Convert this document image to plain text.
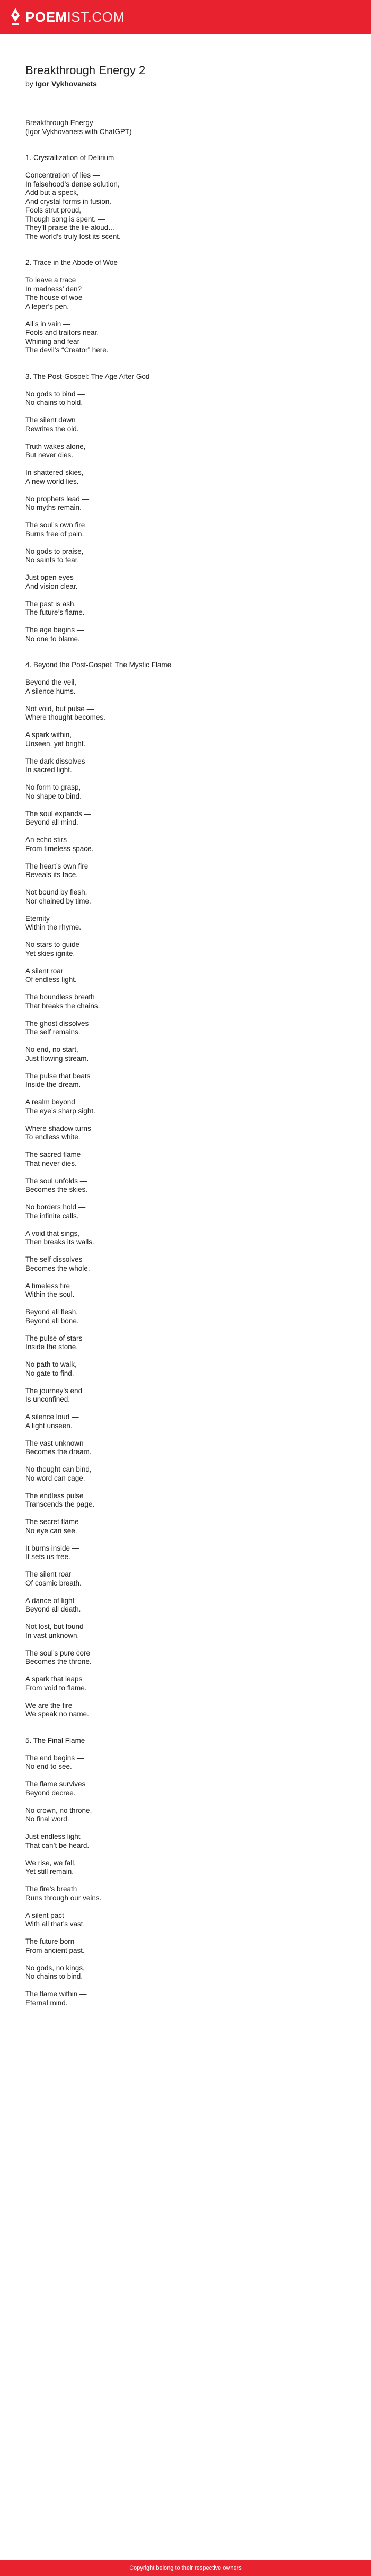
POEMIST.COM
Breakthrough Energy 2
by Igor Vykhovanets
Breakthrough Energy
(Igor Vykhovanets with ChatGPT)
1. Crystallization of Delirium
Concentration of lies —
In falsehood’s dense solution,
Add but a speck,
And crystal forms in fusion.
Fools strut proud,
Though song is spent. —
They’ll praise the lie aloud…
The world’s truly lost its scent.
2. Trace in the Abode of Woe
To leave a trace
In madness’ den?
The house of woe —
A leper’s pen.
All’s in vain —
Fools and traitors near.
Whining and fear —
The devil’s “Creator” here.
3. The Post-Gospel: The Age After God
No gods to bind —
No chains to hold.
The silent dawn
Rewrites the old.
Truth wakes alone,
But never dies.
In shattered skies,
A new world lies.
No prophets lead —
No myths remain.
The soul’s own fire
Burns free of pain.
No gods to praise,
No saints to fear.
Just open eyes —
And vision clear.
The past is ash,
The future’s flame.
The age begins —
No one to blame.
4. Beyond the Post-Gospel: The Mystic Flame
Beyond the veil,
A silence hums.
Not void, but pulse —
Where thought becomes.
A spark within,
Unseen, yet bright.
The dark dissolves
In sacred light.
No form to grasp,
No shape to bind.
The soul expands —
Beyond all mind.
An echo stirs
From timeless space.
The heart’s own fire
Reveals its face.
Not bound by flesh,
Nor chained by time.
Eternity —
Within the rhyme.
No stars to guide —
Yet skies ignite.
A silent roar
Of endless light.
The boundless breath
That breaks the chains.
The ghost dissolves —
The self remains.
No end, no start,
Just flowing stream.
The pulse that beats
Inside the dream.
A realm beyond
The eye’s sharp sight.
Where shadow turns
To endless white.
The sacred flame
That never dies.
The soul unfolds —
Becomes the skies.
No borders hold —
The infinite calls.
A void that sings,
Then breaks its walls.
The self dissolves —
Becomes the whole.
A timeless fire
Within the soul.
Beyond all flesh,
Beyond all bone.
The pulse of stars
Inside the stone.
No path to walk,
No gate to find.
The journey’s end
Is unconfined.
A silence loud —
A light unseen.
The vast unknown —
Becomes the dream.
No thought can bind,
No word can cage.
The endless pulse
Transcends the page.
The secret flame
No eye can see.
It burns inside —
It sets us free.
The silent roar
Of cosmic breath.
A dance of light
Beyond all death.
Not lost, but found —
In vast unknown.
The soul’s pure core
Becomes the throne.
A spark that leaps
From void to flame.
We are the fire —
We speak no name.
5. The Final Flame
The end begins —
No end to see.
The flame survives
Beyond decree.
No crown, no throne,
No final word.
Just endless light —
That can’t be heard.
We rise, we fall,
Yet still remain.
The fire’s breath
Runs through our veins.
A silent pact —
With all that’s vast.
The future born
From ancient past.
No gods, no kings,
No chains to bind.
The flame within —
Eternal mind.
Copyright belong to their respective owners
